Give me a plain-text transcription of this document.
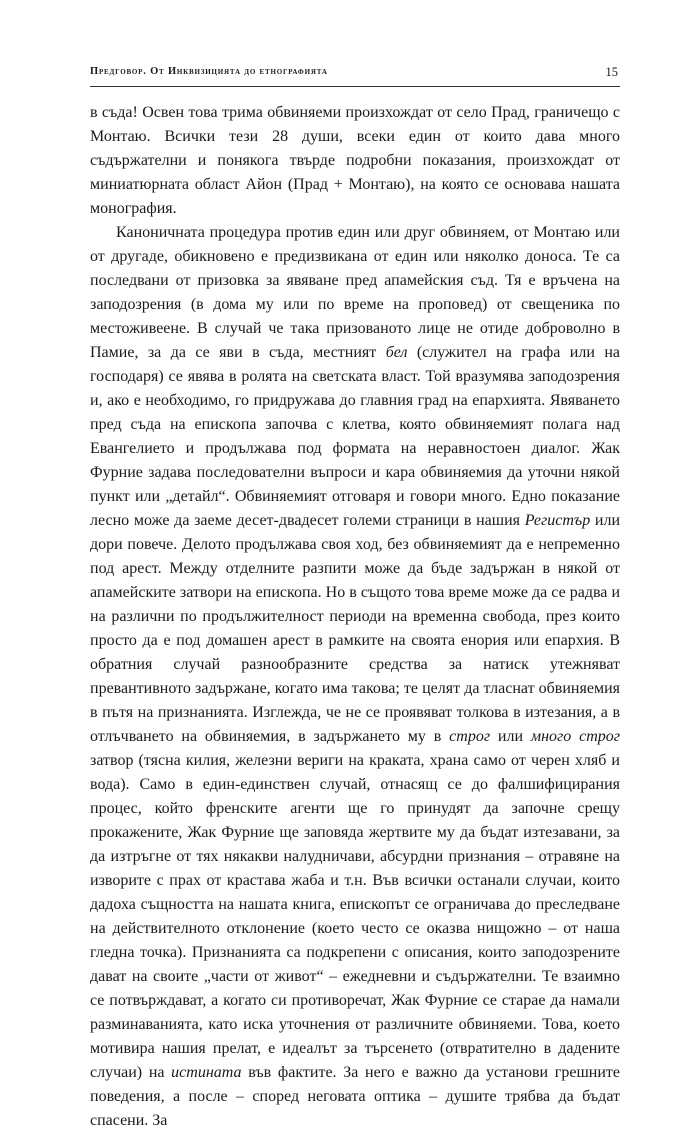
Предговор. От Инквизицията до етнографията	15

в съда! Освен това трима обвиняеми произхождат от село Прад, граничещо с Монтаю. Всички тези 28 души, всеки един от които дава много съдържателни и понякога твърде подробни показания, произхождат от миниатюрната област Айон (Прад + Монтаю), на която се основава нашата монография.

Каноничната процедура против един или друг обвиняем, от Монтаю или от другаде, обикновено е предизвикана от един или няколко доноса. Те са последвани от призовка за явяване пред апамейския съд. Тя е връчена на заподозрения (в дома му или по време на проповед) от свещеника по местоживеене. В случай че така призованото лице не отиде доброволно в Памие, за да се яви в съда, местният бел (служител на графа или на господаря) се явява в ролята на светската власт. Той вразумява заподозрения и, ако е необходимо, го придружава до главния град на епархията. Явяването пред съда на епископа започва с клетва, която обвиняемият полага над Евангелието и продължава под формата на неравностоен диалог. Жак Фурние задава последователни въпроси и кара обвиняемия да уточни някой пункт или „детайл“. Обвиняемият отговаря и говори много. Едно показание лесно може да заеме десет-двадесет големи страници в нашия Регистър или дори повече. Делото продължава своя ход, без обвиняемият да е непременно под арест. Между отделните разпити може да бъде задържан в някой от апамейските затвори на епископа. Но в същото това време може да се радва и на различни по продължителност периоди на временна свобода, през които просто да е под домашен арест в рамките на своята енория или епархия. В обратния случай разнообразните средства за натиск утежняват превантивното задържане, когато има такова; те целят да тласнат обвиняемия в пътя на признанията. Изглежда, че не се проявяват толкова в изтезания, а в отлъчването на обвиняемия, в задържането му в строг или много строг затвор (тясна килия, железни вериги на краката, храна само от черен хляб и вода). Само в един-единствен случай, отнасящ се до фалшифицирания процес, който френските агенти ще го принудят да започне срещу прокажените, Жак Фурние ще заповяда жертвите му да бъдат изтезавани, за да изтръгне от тях някакви налудничави, абсурдни признания – отравяне на изворите с прах от крастава жаба и т.н. Във всички останали случаи, които дадоха същността на нашата книга, епископът се ограничава до преследване на действителното отклонение (което често се оказва нищожно – от наша гледна точка). Признанията са подкрепени с описания, които заподозрените дават на своите „части от живот“ – ежедневни и съдържателни. Те взаимно се потвърждават, а когато си противоречат, Жак Фурние се старае да намали разминаванията, като иска уточнения от различните обвиняеми. Това, което мотивира нашия прелат, е идеалът за търсенето (отвратително в дадените случаи) на истината във фактите. За него е важно да установи грешните поведения, а после – според неговата оптика – душите трябва да бъдат спасени. За
